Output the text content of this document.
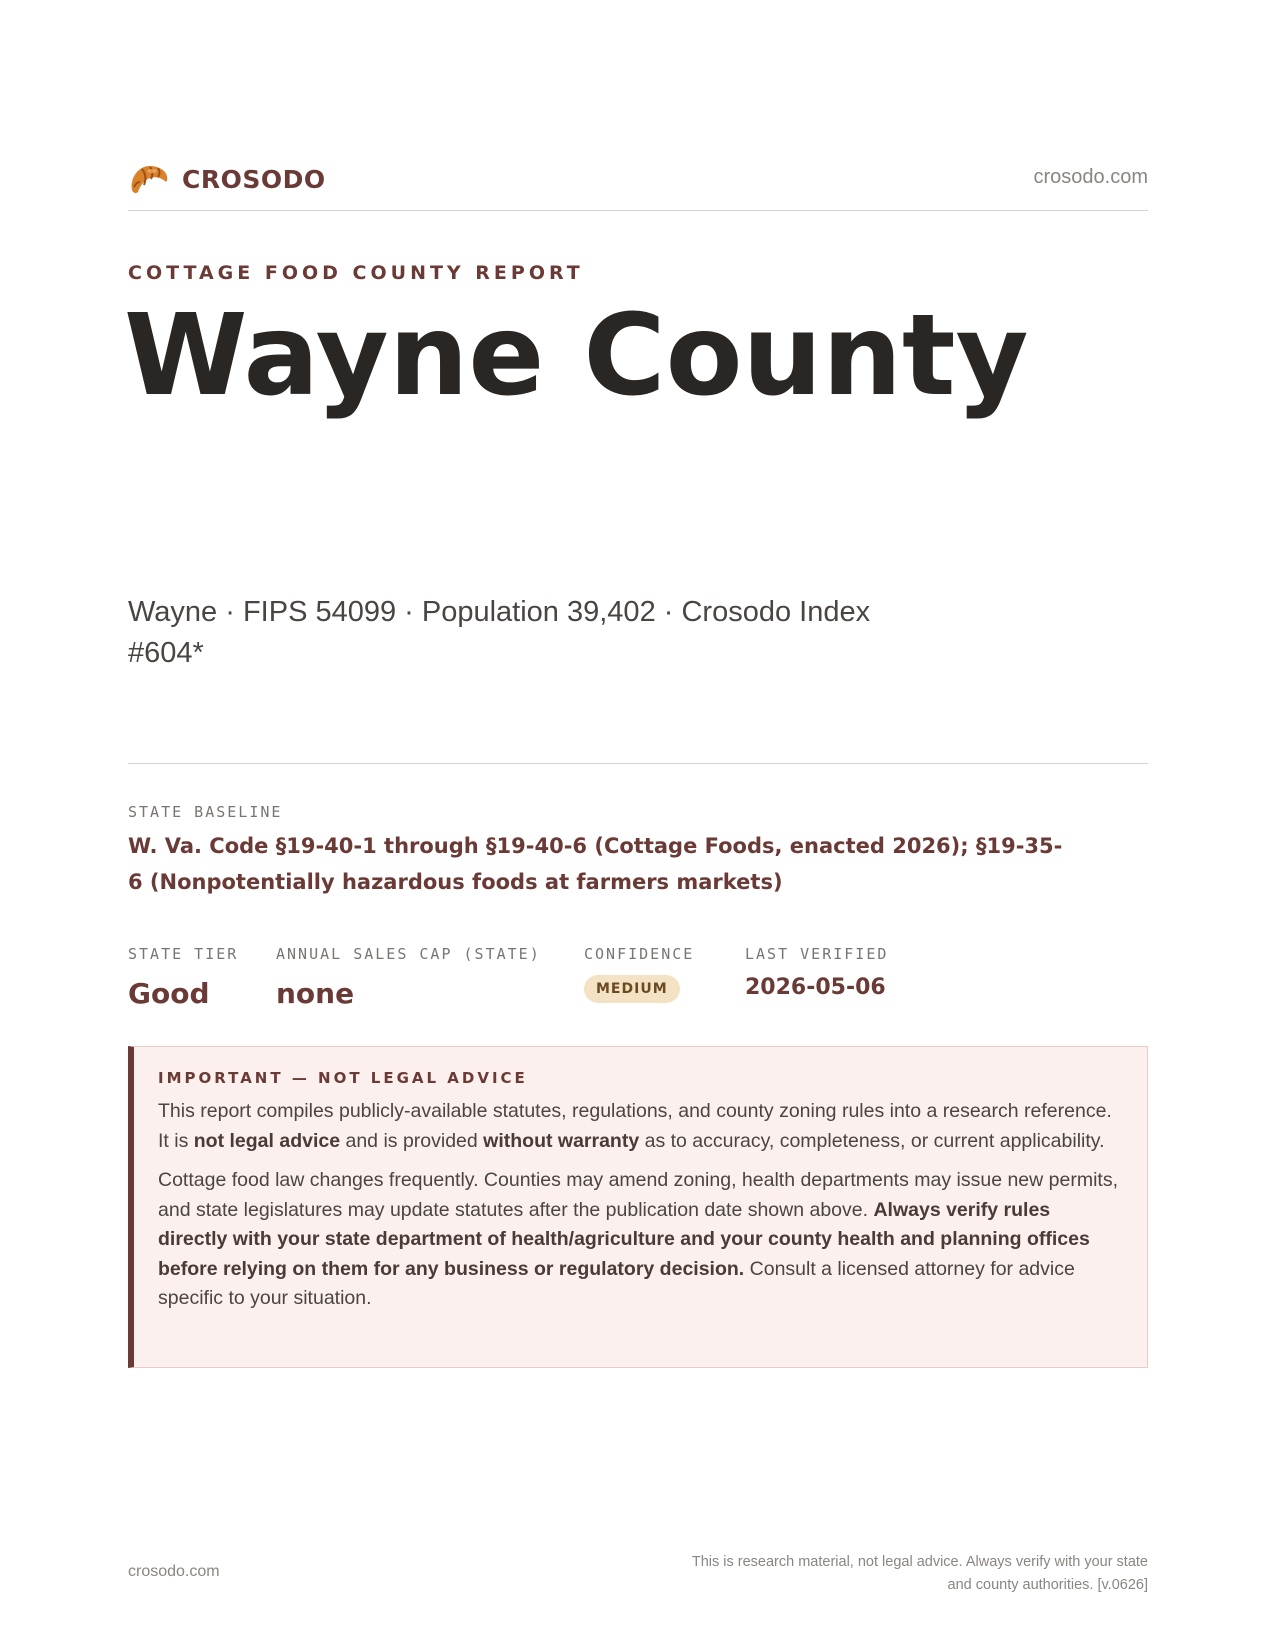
CROSODO	crosodo.com
COTTAGE FOOD COUNTY REPORT
Wayne County
Wayne · FIPS 54099 · Population 39,402 · Crosodo Index #604*
STATE BASELINE
W. Va. Code §19-40-1 through §19-40-6 (Cottage Foods, enacted 2026); §19-35-6 (Nonpotentially hazardous foods at farmers markets)
STATE TIER
Good
ANNUAL SALES CAP (STATE)
none
CONFIDENCE
MEDIUM
LAST VERIFIED
2026-05-06
IMPORTANT — NOT LEGAL ADVICE

This report compiles publicly-available statutes, regulations, and county zoning rules into a research reference. It is not legal advice and is provided without warranty as to accuracy, completeness, or current applicability.

Cottage food law changes frequently. Counties may amend zoning, health departments may issue new permits, and state legislatures may update statutes after the publication date shown above. Always verify rules directly with your state department of health/agriculture and your county health and planning offices before relying on them for any business or regulatory decision. Consult a licensed attorney for advice specific to your situation.

crosodo.com
This is research material, not legal advice. Always verify with your state
and county authorities. [v.0626]
